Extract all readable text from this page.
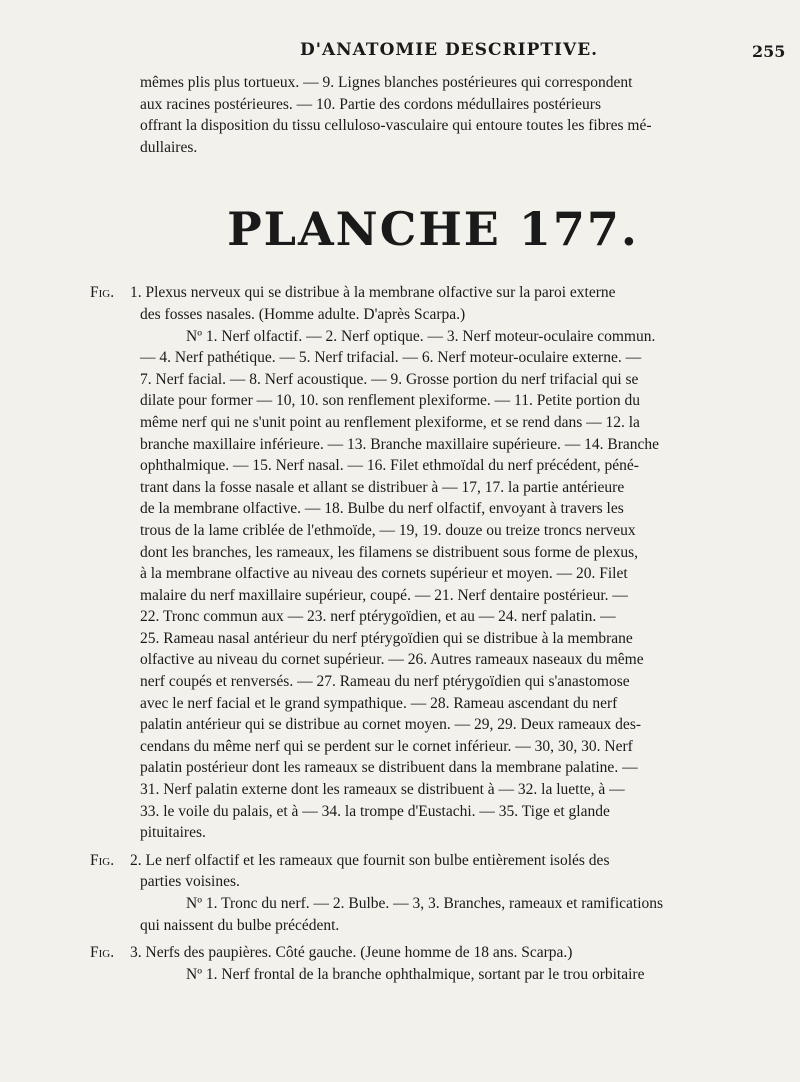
D'ANATOMIE DESCRIPTIVE.	255

mêmes plis plus tortueux. — 9. Lignes blanches postérieures qui correspondent

aux racines postérieures. — 10. Partie des cordons médullaires postérieurs

offrant la disposition du tissu celluloso-vasculaire qui entoure toutes les fibres mé-

dullaires.

PLANCHE 177.

Fig. 1. Plexus nerveux qui se distribue à la membrane olfactive sur la paroi externe

des fosses nasales. (Homme adulte. D'après Scarpa.)

Nº 1. Nerf olfactif. — 2. Nerf optique. — 3. Nerf moteur-oculaire commun.

— 4. Nerf pathétique. — 5. Nerf trifacial. — 6. Nerf moteur-oculaire externe. —

7. Nerf facial. — 8. Nerf acoustique. — 9. Grosse portion du nerf trifacial qui se

dilate pour former — 10, 10. son renflement plexiforme. — 11. Petite portion du

même nerf qui ne s'unit point au renflement plexiforme, et se rend dans — 12. la

branche maxillaire inférieure. — 13. Branche maxillaire supérieure. — 14. Branche

ophthalmique. — 15. Nerf nasal. — 16. Filet ethmoïdal du nerf précédent, péné-

trant dans la fosse nasale et allant se distribuer à — 17, 17. la partie antérieure

de la membrane olfactive. — 18. Bulbe du nerf olfactif, envoyant à travers les

trous de la lame criblée de l'ethmoïde, — 19, 19. douze ou treize troncs nerveux

dont les branches, les rameaux, les filamens se distribuent sous forme de plexus,

à la membrane olfactive au niveau des cornets supérieur et moyen. — 20. Filet

malaire du nerf maxillaire supérieur, coupé. — 21. Nerf dentaire postérieur. —

22. Tronc commun aux — 23. nerf ptérygoïdien, et au — 24. nerf palatin. —

25. Rameau nasal antérieur du nerf ptérygoïdien qui se distribue à la membrane

olfactive au niveau du cornet supérieur. — 26. Autres rameaux naseaux du même

nerf coupés et renversés. — 27. Rameau du nerf ptérygoïdien qui s'anastomose

avec le nerf facial et le grand sympathique. — 28. Rameau ascendant du nerf

palatin antérieur qui se distribue au cornet moyen. — 29, 29. Deux rameaux des-

cendans du même nerf qui se perdent sur le cornet inférieur. — 30, 30, 30. Nerf

palatin postérieur dont les rameaux se distribuent dans la membrane palatine. —

31. Nerf palatin externe dont les rameaux se distribuent à — 32. la luette, à —

33. le voile du palais, et à — 34. la trompe d'Eustachi. — 35. Tige et glande

pituitaires.

Fig. 2. Le nerf olfactif et les rameaux que fournit son bulbe entièrement isolés des

parties voisines.

Nº 1. Tronc du nerf. — 2. Bulbe. — 3, 3. Branches, rameaux et ramifications

qui naissent du bulbe précédent.

Fig. 3. Nerfs des paupières. Côté gauche. (Jeune homme de 18 ans. Scarpa.)

Nº 1. Nerf frontal de la branche ophthalmique, sortant par le trou orbitaire
